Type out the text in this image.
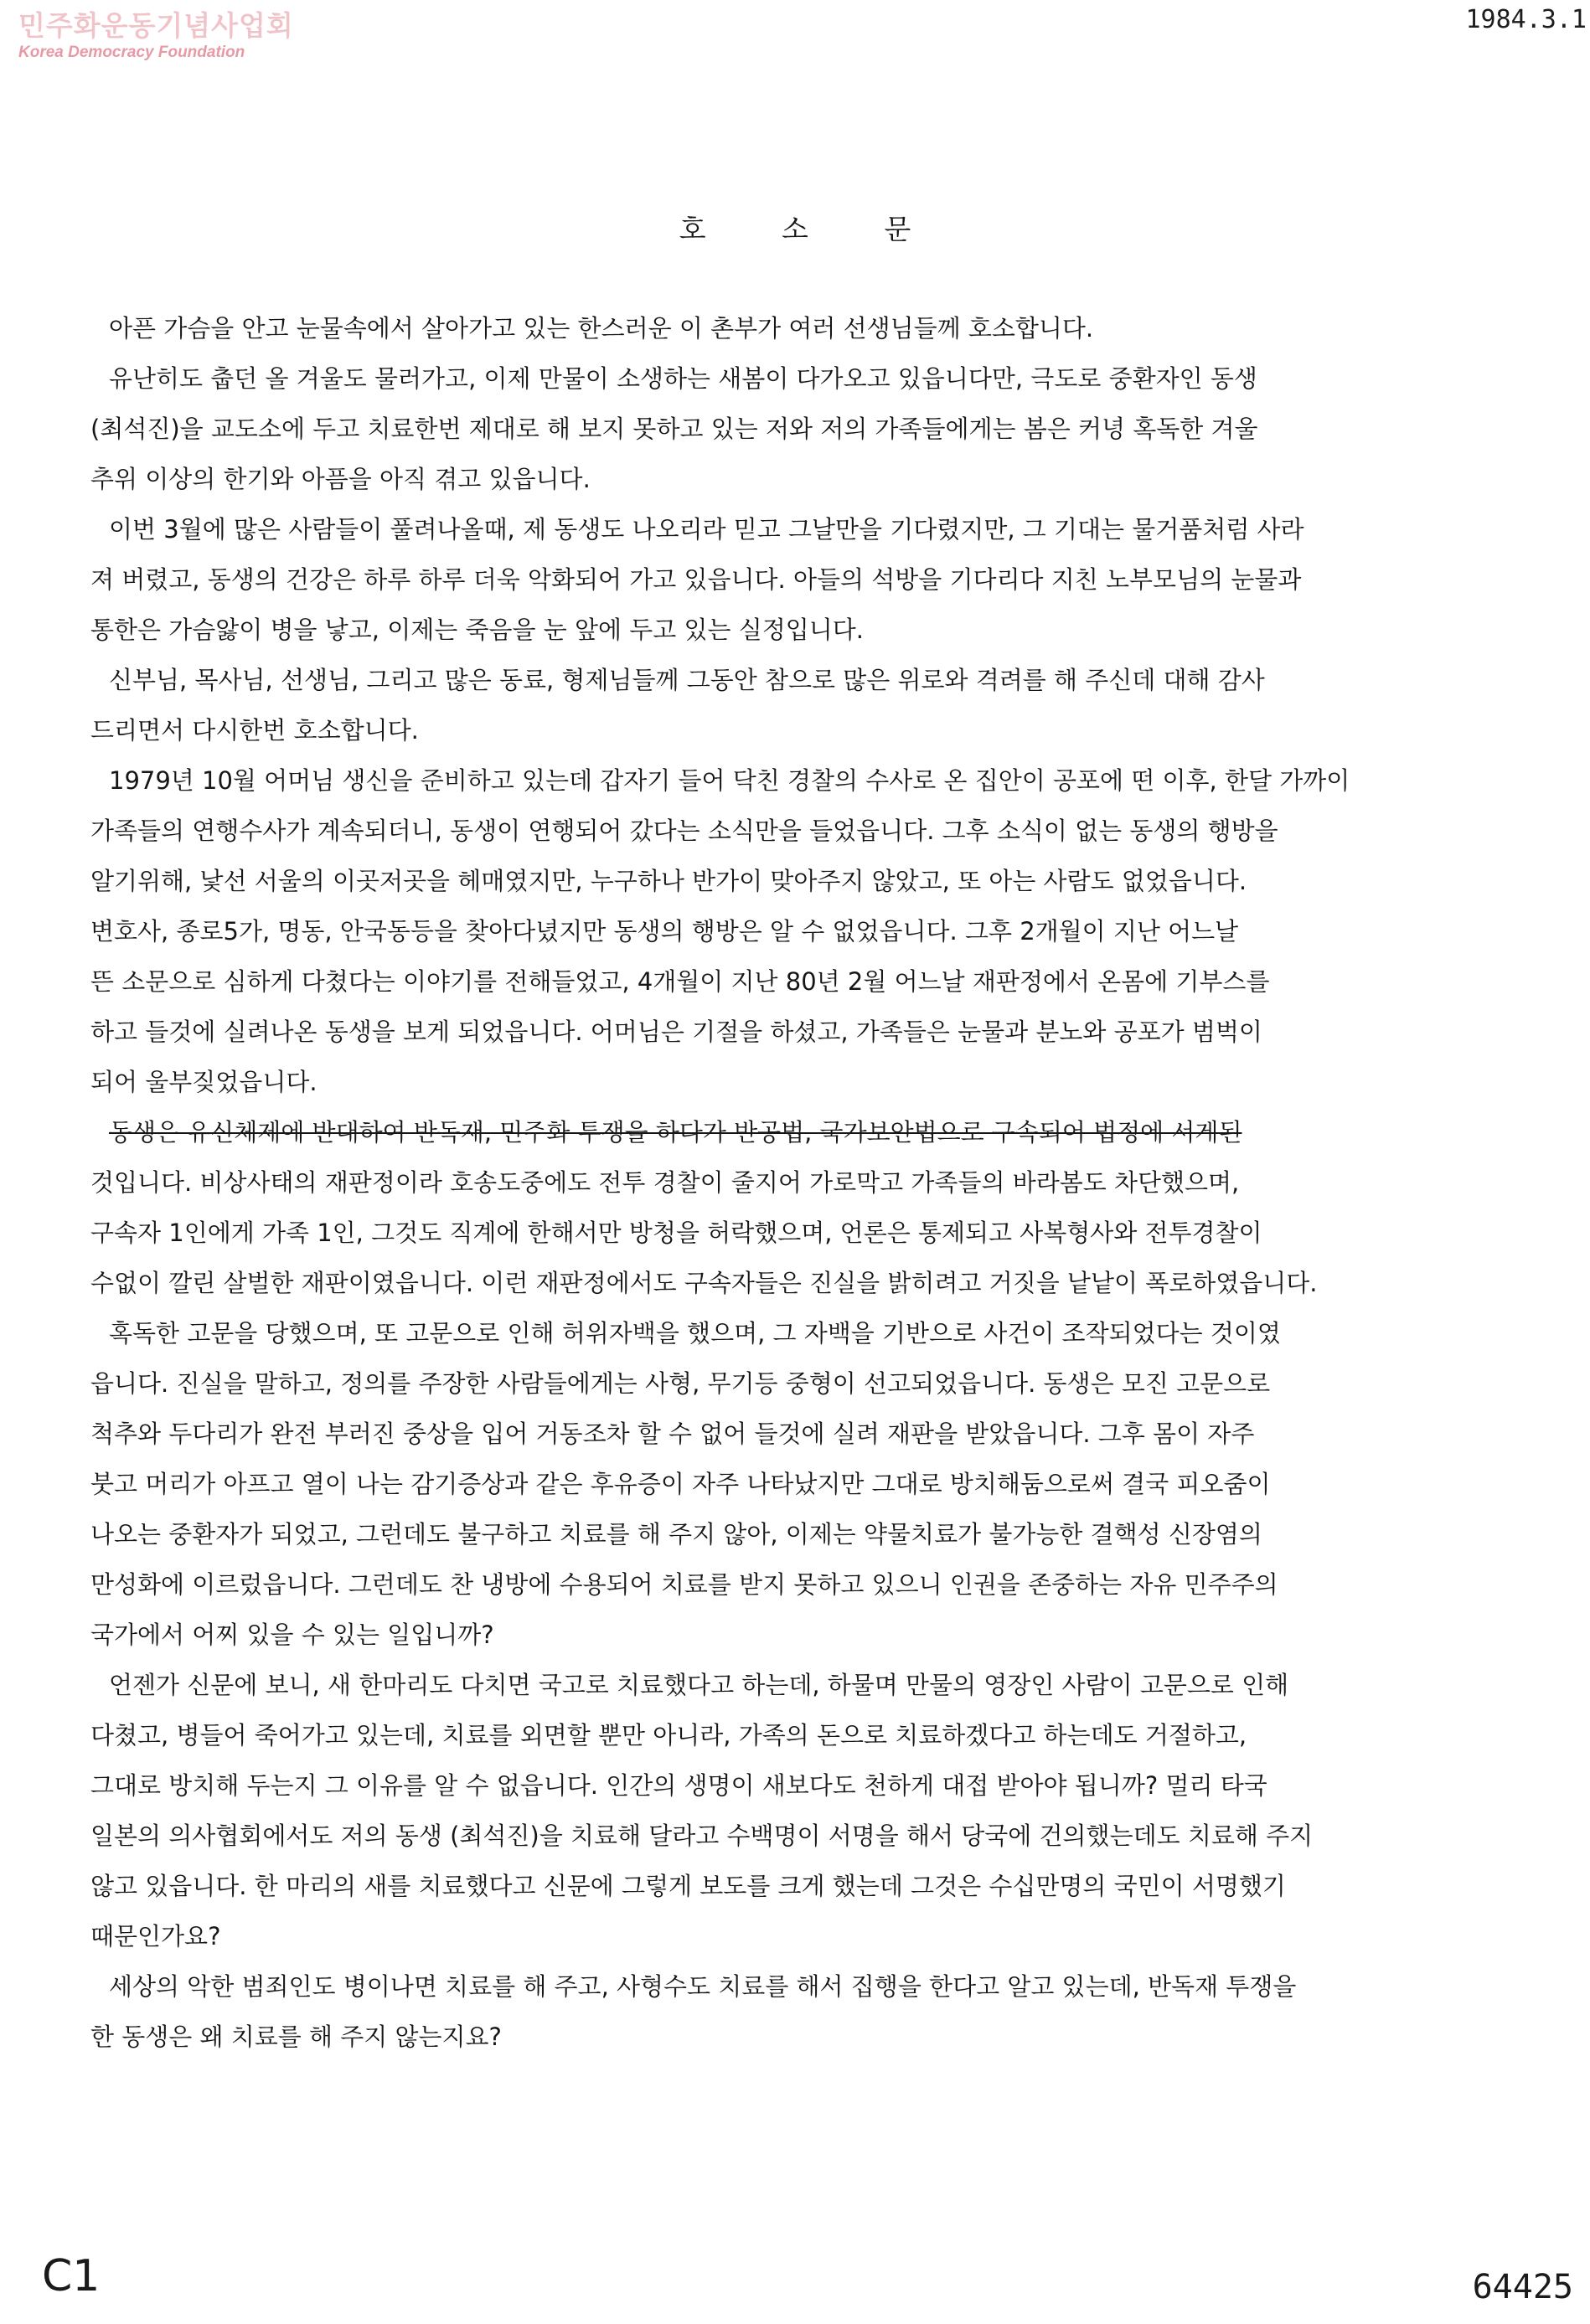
민주화운동기념사업회
Korea Democracy Foundation
1984.3.1
호 소 문
아픈 가슴을 안고 눈물속에서 살아가고 있는 한스러운 이 촌부가 여러 선생님들께 호소합니다.
유난히도 춥던 올 겨울도 물러가고, 이제 만물이 소생하는 새봄이 다가오고 있읍니다만, 극도로 중환자인 동생
(최석진)을 교도소에 두고 치료한번 제대로 해 보지 못하고 있는 저와 저의 가족들에게는 봄은 커녕 혹독한 겨울
추위 이상의 한기와 아픔을 아직 겪고 있읍니다.
이번 3월에 많은 사람들이 풀려나올때, 제 동생도 나오리라 믿고 그날만을 기다렸지만, 그 기대는 물거품처럼 사라
져 버렸고, 동생의 건강은 하루 하루 더욱 악화되어 가고 있읍니다. 아들의 석방을 기다리다 지친 노부모님의 눈물과
통한은 가슴앓이 병을 낳고, 이제는 죽음을 눈 앞에 두고 있는 실정입니다.
신부님, 목사님, 선생님, 그리고 많은 동료, 형제님들께 그동안 참으로 많은 위로와 격려를 해 주신데 대해 감사
드리면서 다시한번 호소합니다.
1979년 10월 어머님 생신을 준비하고 있는데 갑자기 들어 닥친 경찰의 수사로 온 집안이 공포에 떤 이후, 한달 가까이
가족들의 연행수사가 계속되더니, 동생이 연행되어 갔다는 소식만을 들었읍니다. 그후 소식이 없는 동생의 행방을
알기위해, 낯선 서울의 이곳저곳을 헤매였지만, 누구하나 반가이 맞아주지 않았고, 또 아는 사람도 없었읍니다.
변호사, 종로5가, 명동, 안국동등을 찾아다녔지만 동생의 행방은 알 수 없었읍니다. 그후 2개월이 지난 어느날
뜬 소문으로 심하게 다쳤다는 이야기를 전해들었고, 4개월이 지난 80년 2월 어느날 재판정에서 온몸에 기부스를
하고 들것에 실려나온 동생을 보게 되었읍니다. 어머님은 기절을 하셨고, 가족들은 눈물과 분노와 공포가 범벅이
되어 울부짖었읍니다.
동생은 유신체제에 반대하여 반독재, 민주화 투쟁을 하다가 반공법, 국가보안법으로 구속되어 법정에 서게된
것입니다. 비상사태의 재판정이라 호송도중에도 전투 경찰이 줄지어 가로막고 가족들의 바라봄도 차단했으며,
구속자 1인에게 가족 1인, 그것도 직계에 한해서만 방청을 허락했으며, 언론은 통제되고 사복형사와 전투경찰이
수없이 깔린 살벌한 재판이였읍니다. 이런 재판정에서도 구속자들은 진실을 밝히려고 거짓을 낱낱이 폭로하였읍니다.
혹독한 고문을 당했으며, 또 고문으로 인해 허위자백을 했으며, 그 자백을 기반으로 사건이 조작되었다는 것이였
읍니다. 진실을 말하고, 정의를 주장한 사람들에게는 사형, 무기등 중형이 선고되었읍니다. 동생은 모진 고문으로
척추와 두다리가 완전 부러진 중상을 입어 거동조차 할 수 없어 들것에 실려 재판을 받았읍니다. 그후 몸이 자주
붓고 머리가 아프고 열이 나는 감기증상과 같은 후유증이 자주 나타났지만 그대로 방치해둠으로써 결국 피오줌이
나오는 중환자가 되었고, 그런데도 불구하고 치료를 해 주지 않아, 이제는 약물치료가 불가능한 결핵성 신장염의
만성화에 이르렀읍니다. 그런데도 찬 냉방에 수용되어 치료를 받지 못하고 있으니 인권을 존중하는 자유 민주주의
국가에서 어찌 있을 수 있는 일입니까?
언젠가 신문에 보니, 새 한마리도 다치면 국고로 치료했다고 하는데, 하물며 만물의 영장인 사람이 고문으로 인해
다쳤고, 병들어 죽어가고 있는데, 치료를 외면할 뿐만 아니라, 가족의 돈으로 치료하겠다고 하는데도 거절하고,
그대로 방치해 두는지 그 이유를 알 수 없읍니다. 인간의 생명이 새보다도 천하게 대접 받아야 됩니까? 멀리 타국
일본의 의사협회에서도 저의 동생 (최석진)을 치료해 달라고 수백명이 서명을 해서 당국에 건의했는데도 치료해 주지
않고 있읍니다. 한 마리의 새를 치료했다고 신문에 그렇게 보도를 크게 했는데 그것은 수십만명의 국민이 서명했기
때문인가요?
세상의 악한 범죄인도 병이나면 치료를 해 주고, 사형수도 치료를 해서 집행을 한다고 알고 있는데, 반독재 투쟁을
한 동생은 왜 치료를 해 주지 않는지요?
C1	64425
